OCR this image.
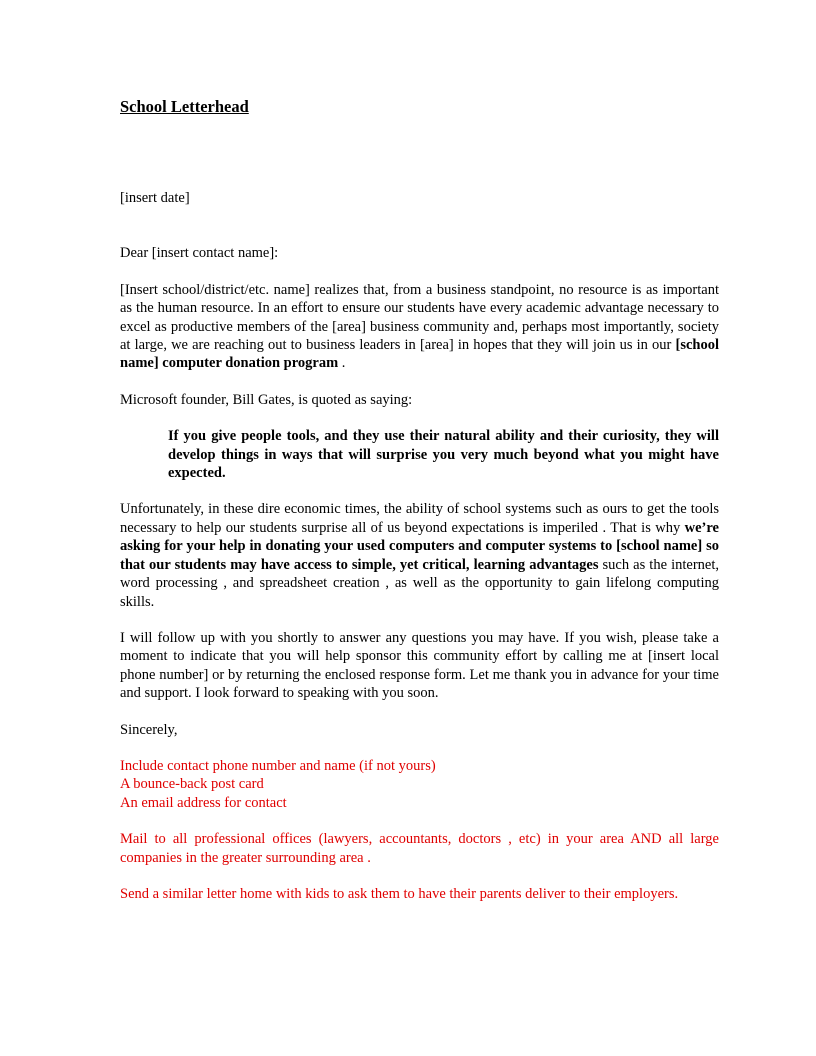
School Letterhead
[insert date]
Dear [insert contact name]:

[Insert school/district/etc. name] realizes that, from a business standpoint, no resource is as important as the human resource. In an effort to ensure our students have every academic advantage necessary to excel as productive members of the [area] business community and, perhaps most importantly, society at large, we are reaching out to business leaders in [area] in hopes that they will join us in our [school name] computer donation program .

Microsoft founder, Bill Gates, is quoted as saying:

If you give people tools, and they use their natural ability and their curiosity, they will develop things in ways that will surprise you very much beyond what you might have expected.

Unfortunately, in these dire economic times, the ability of school systems such as ours to get the tools necessary to help our students surprise all of us beyond expectations is imperiled . That is why we’re asking for your help in donating your used computers and computer systems to [school name] so that our students may have access to simple, yet critical, learning advantages such as the internet, word processing , and spreadsheet creation , as well as the opportunity to gain lifelong computing skills.

I will follow up with you shortly to answer any questions you may have. If you wish, please take a moment to indicate that you will help sponsor this community effort by calling me at [insert local phone number] or by returning the enclosed response form. Let me thank you in advance for your time and support. I look forward to speaking with you soon.

Sincerely,

Include contact phone number and name (if not yours)
A bounce-back post card
An email address for contact

Mail to all professional offices (lawyers, accountants, doctors , etc) in your area AND all large companies in the greater surrounding area .

Send a similar letter home with kids to ask them to have their parents deliver to their employers.
